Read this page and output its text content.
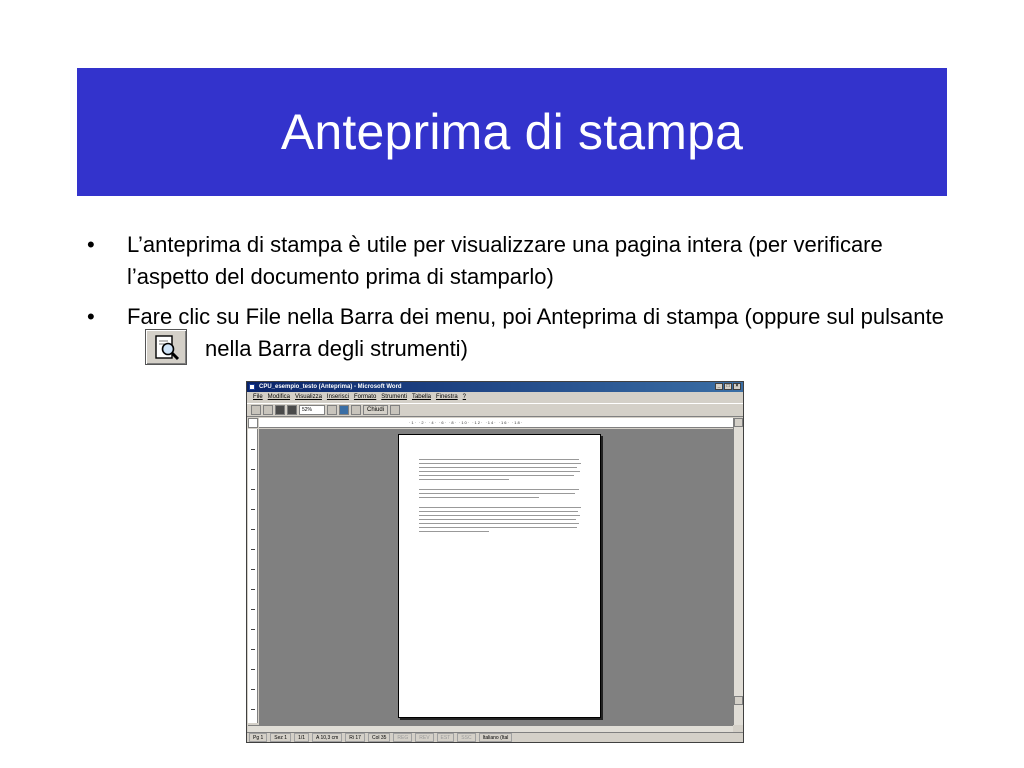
Anteprima di stampa
• L’anteprima di stampa è utile per visualizzare una pagina intera (per verificare l’aspetto del documento prima di stamparlo)
• Fare clic su File nella Barra dei menu, poi Anteprima di stampa (oppure sul pulsante
nella Barra degli strumenti)
CPU_esempio_testo (Anteprima) - Microsoft Word	_	□	×
File Modifica Visualizza Inserisci Formato Strumenti Tabella Finestra ?
52%	Chiudi
·1· ·2· ·4· ·6· ·8· ·10· ·12· ·14· ·16· ·18·
Pg 1	Sez 1	1/1	A 10,3 cm	Ri 17	Col 35	REG	REV	EST	SSC	Italiano (Ital
